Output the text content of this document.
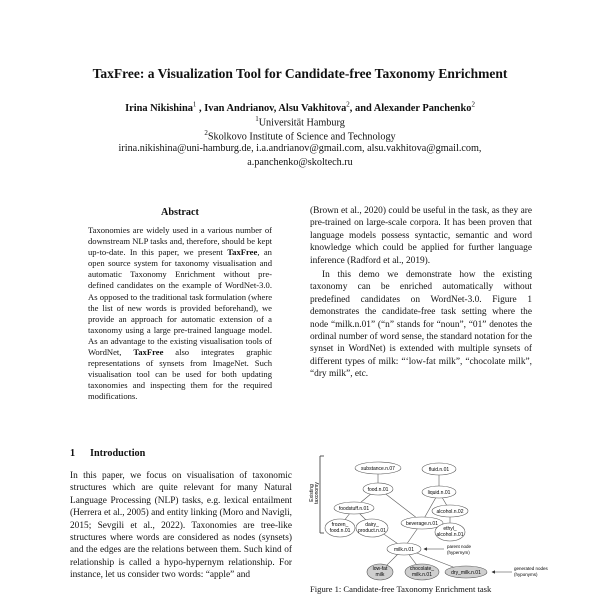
TaxFree: a Visualization Tool for Candidate-free Taxonomy Enrichment
Irina Nikishina$^1$ , Ivan Andrianov, Alsu Vakhitova$^2$, and Alexander Panchenko$^2$
$^1$Universität Hamburg
$^2$Skolkovo Institute of Science and Technology
irina.nikishina@uni-hamburg.de, i.a.andrianov@gmail.com, alsu.vakhitova@gmail.com,
a.panchenko@skoltech.ru
Abstract
Taxonomies are widely used in a various number of downstream NLP tasks and, therefore, should be kept up-to-date. In this paper, we present TaxFree, an open source system for taxonomy visualisation and automatic Taxonomy Enrichment without pre-defined candidates on the example of WordNet-3.0. As opposed to the traditional task formulation (where the list of new words is provided beforehand), we provide an approach for automatic extension of a taxonomy using a large pre-trained language model. As an advantage to the existing visualisation tools of WordNet, TaxFree also integrates graphic representations of synsets from ImageNet. Such visualisation tool can be used for both updating taxonomies and inspecting them for the required modifications.
1 Introduction
In this paper, we focus on visualisation of taxonomic structures which are quite relevant for many Natural Language Processing (NLP) tasks, e.g. lexical entailment (Herrera et al., 2005) and entity linking (Moro and Navigli, 2015; Sevgili et al., 2022). Taxonomies are tree-like structures where words are considered as nodes (synsets) and the edges are the relations between them. Such kind of relationship is called a hypo-hypernym relationship. For instance, let us consider two words: “apple” and

(Brown et al., 2020) could be useful in the task, as they are pre-trained on large-scale corpora. It has been proven that language models possess syntactic, semantic and word knowledge which could be applied for further language inference (Radford et al., 2019).

In this demo we demonstrate how the existing taxonomy can be enriched automatically without predefined candidates on WordNet-3.0. Figure 1 demonstrates the candidate-free task setting where the node “milk.n.01” (“n” stands for “noun”, “01” denotes the ordinal number of word sense, the standard notation for the synset in WordNet) is extended with multiple synsets of different types of milk: “‘low-fat milk”, “chocolate milk”, “dry milk”, etc.

Existing taxonomy
substance.n.07	fluid.n.01
food.n.01	liquid.n.01
foodstuff.n.01	alcohol.n.02
beverage.n.01
frozen_
food.n.01
dairy_
product.n.01	ethyl_
alcohol.n.01
milk.n.01
low-fat
milk
chocolate_
milk.n.01	dry_milk.n.01
parent node
(hypernym)
generated nodes
(hyponyms)
Figure 1: Candidate-free Taxonomy Enrichment task
